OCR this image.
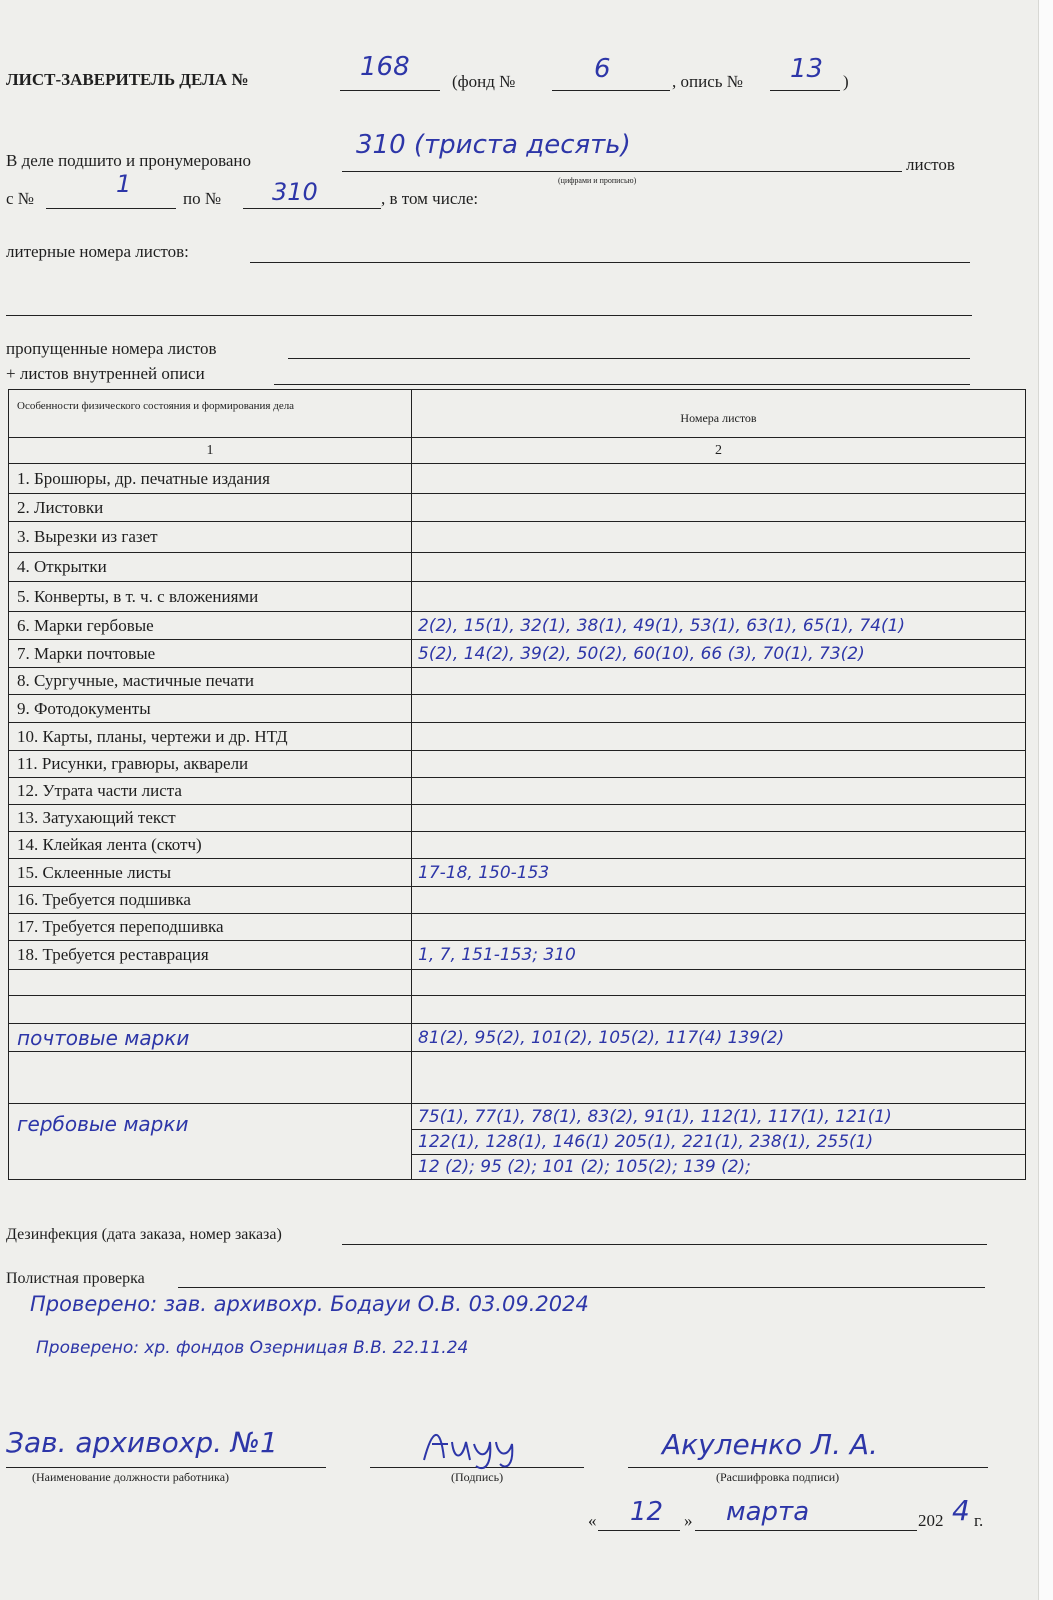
ЛИСТ-ЗАВЕРИТЕЛЬ ДЕЛА №	168 (фонд №	6	, опись № 13 )
В деле подшито и пронумеровано
310 (триста десять)
(цифрами и прописью)
листов
с №
1
по № 310	, в том числе:
литерные номера листов:
пропущенные номера листов
+ листов внутренней описи
Особенности физического состояния и формирования дела	Номера листов
1	2
1. Брошюры, др. печатные издания	
2. Листовки	
3. Вырезки из газет	
4. Открытки	
5. Конверты, в т. ч. с вложениями	
6. Марки гербовые	2(2), 15(1), 32(1), 38(1), 49(1), 53(1), 63(1), 65(1), 74(1)
7. Марки почтовые	5(2), 14(2), 39(2), 50(2), 60(10), 66 (3), 70(1), 73(2)
8. Сургучные, мастичные печати	
9. Фотодокументы	
10. Карты, планы, чертежи и др. НТД	
11. Рисунки, гравюры, акварели	
12. Утрата части листа	
13. Затухающий текст	
14. Клейкая лента (скотч)	
15. Склеенные листы	17-18, 150-153
16. Требуется подшивка	
17. Требуется переподшивка	
18. Требуется реставрация	1, 7, 151-153; 310

почтовые марки	81(2), 95(2), 101(2), 105(2), 117(4) 139(2)

гербовые марки	75(1), 77(1), 78(1), 83(2), 91(1), 112(1), 117(1), 121(1)
	122(1), 128(1), 146(1) 205(1), 221(1), 238(1), 255(1)
	12 (2); 95 (2); 101 (2); 105(2); 139 (2);
Дезинфекция (дата заказа, номер заказа)
Полистная проверка
Проверено: зав. архивохр. Бодауи О.В. 03.09.2024
Проверено: хр. фондов Озерницая В.В. 22.11.24
Зав. архивохр. №1
(Наименование должности работника)	(Подпись)
Акуленко Л. А.
(Расшифровка подписи)
« 12 » марта	202 4 г.
